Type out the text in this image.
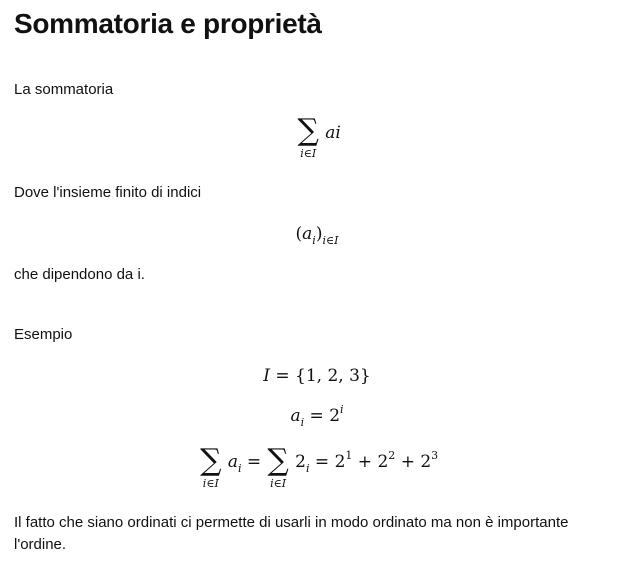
Sommatoria e proprietà

La sommatoria

∑
i∈I
ai

Dove l'insieme finito di indici

$(a_i)_{i\in I}$

che dipendono da i.

Esempio

I = {1, 2, 3}
$a_i = 2^i$
∑
i∈I
$a_i$ = ∑
i∈I
$2_i = 2^1 + 2^2 + 2^3$

Il fatto che siano ordinati ci permette di usarli in modo ordinato ma non è importante l'ordine.
